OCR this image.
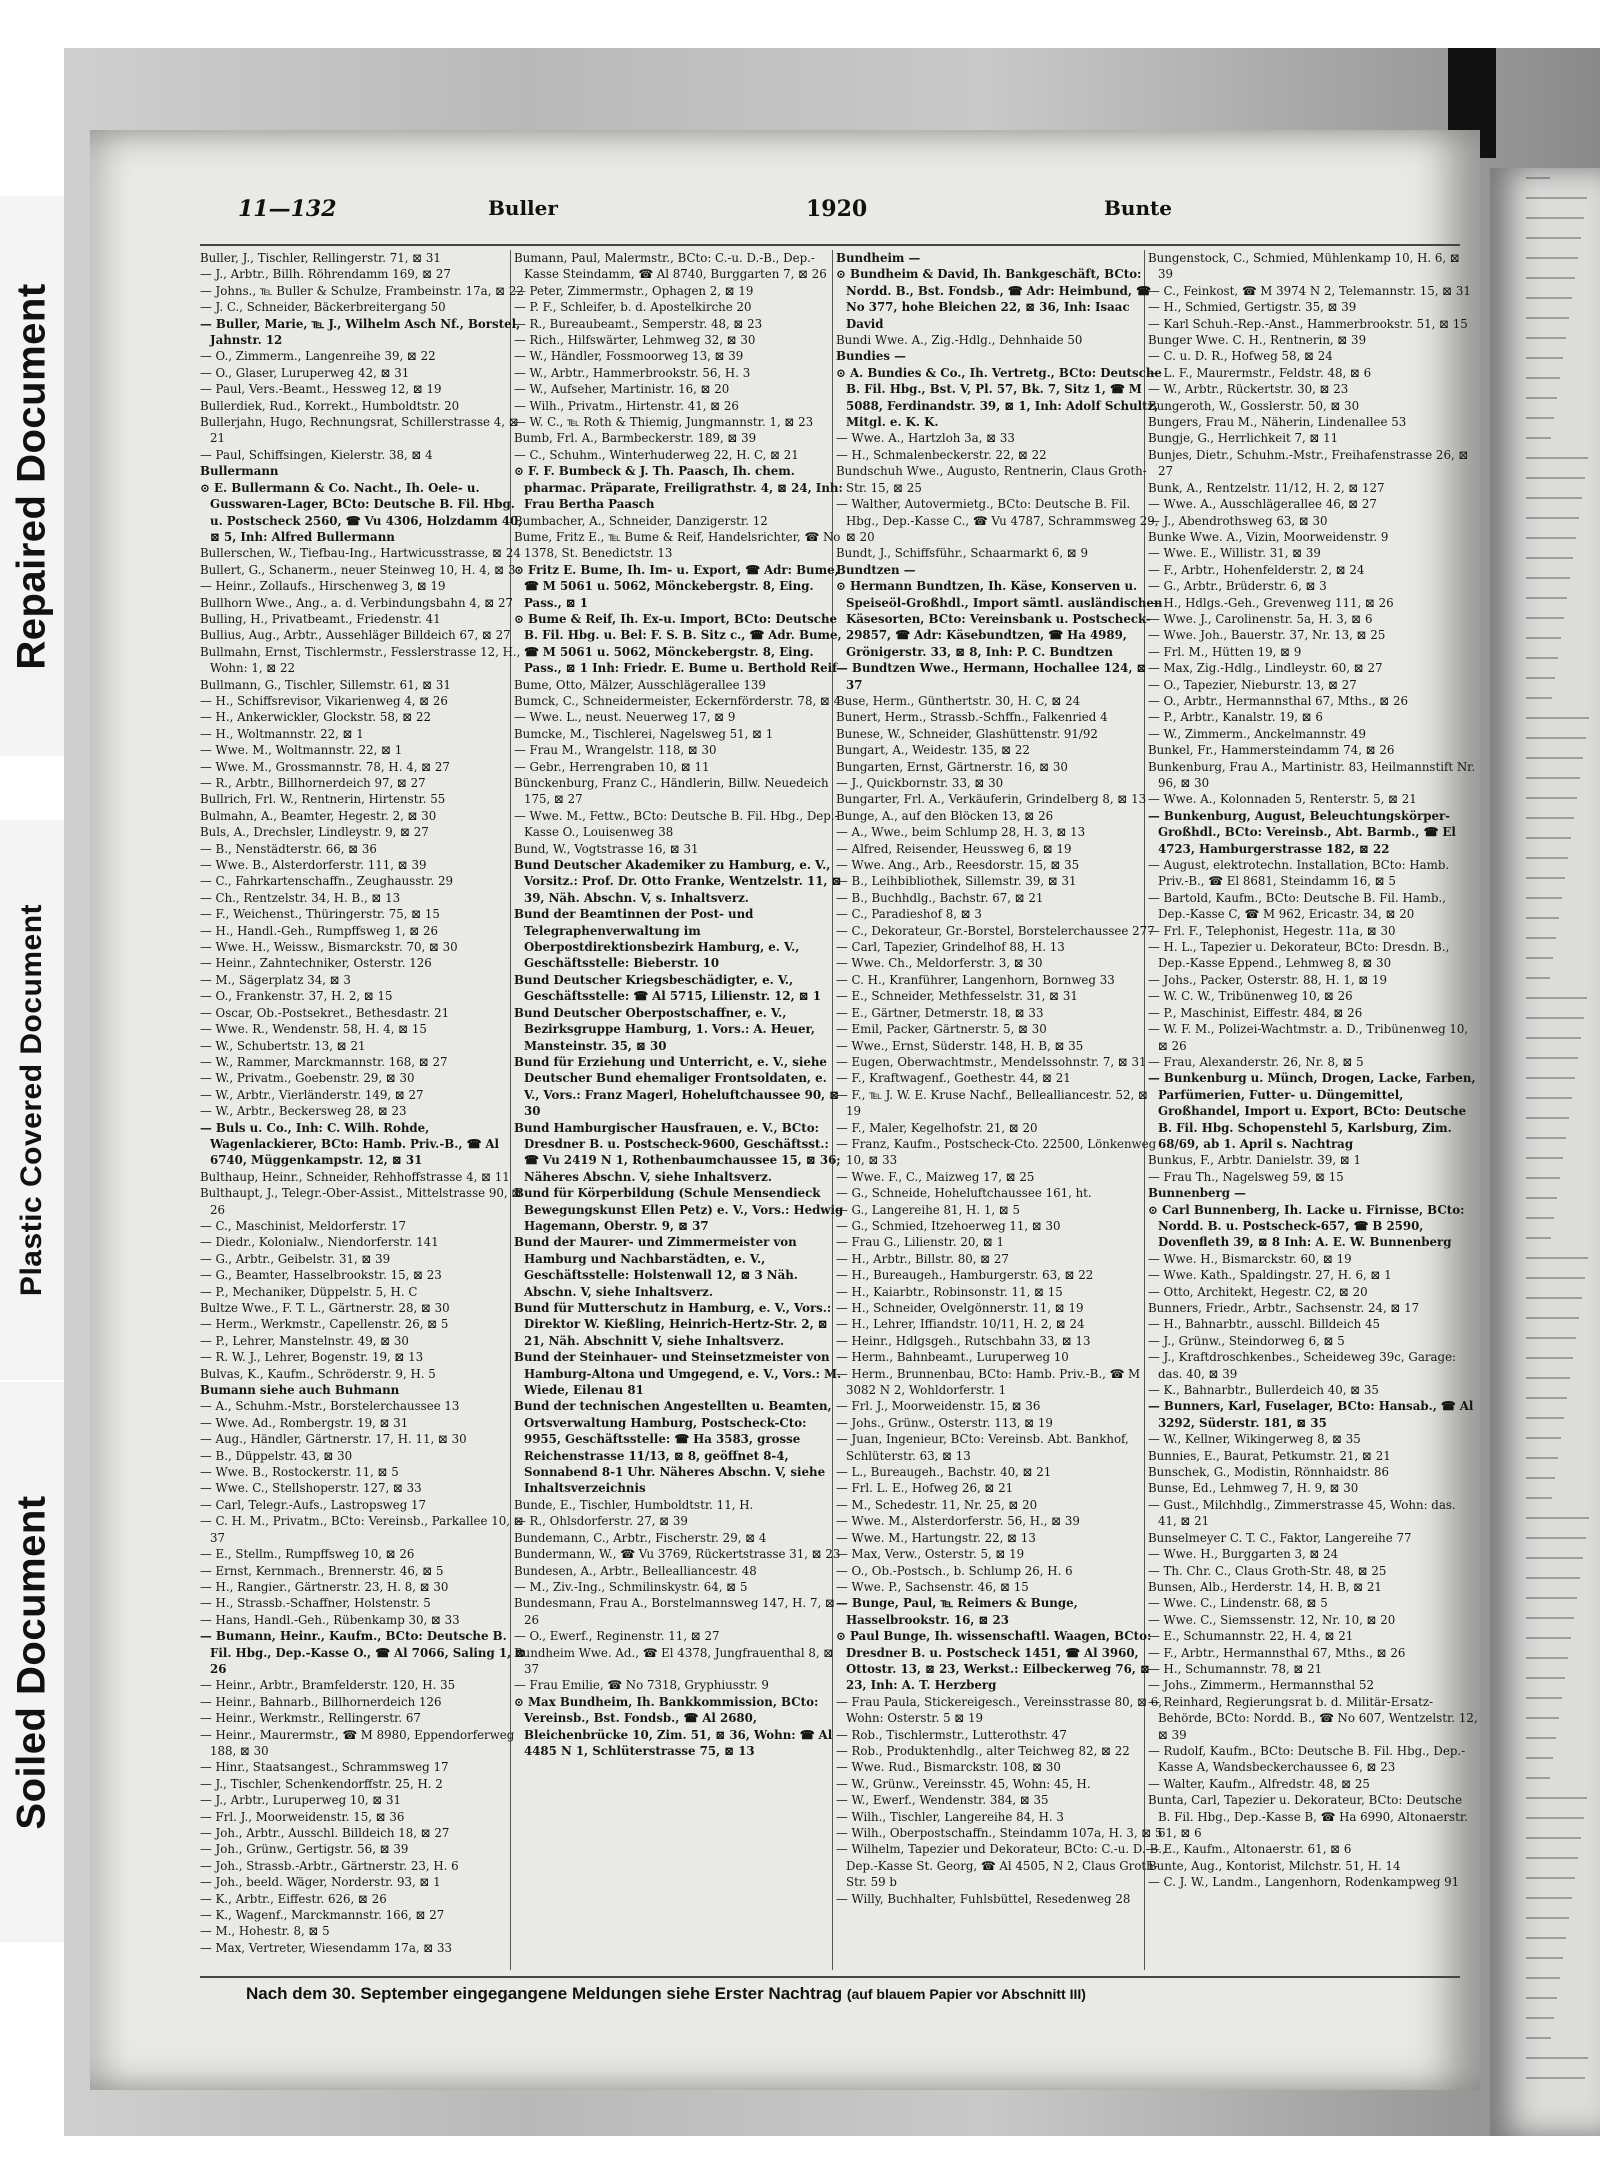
Repaired Document
Plastic Covered Document
Soiled Document
11—132	Buller	1920	Bunte

Buller, J., Tischler, Rellingerstr. 71, ⊠ 31

— J., Arbtr., Billh. Röhrendamm 169, ⊠ 27

— Johns., ℡ Buller & Schulze, Frambeinstr. 17a, ⊠ 22

— J. C., Schneider, Bäckerbreitergang 50

— Buller, Marie, ℡ J., Wilhelm Asch Nf., Borstel, Jahnstr. 12

— O., Zimmerm., Langenreihe 39, ⊠ 22

— O., Glaser, Luruperweg 42, ⊠ 31

— Paul, Vers.-Beamt., Hessweg 12, ⊠ 19

Bullerdiek, Rud., Korrekt., Humboldtstr. 20

Bullerjahn, Hugo, Rechnungsrat, Schillerstrasse 4, ⊠ 21

— Paul, Schiffsingen, Kielerstr. 38, ⊠ 4

Bullermann

⊙ E. Bullermann & Co. Nacht., Ih. Oele- u. Gusswaren-Lager, BCto: Deutsche B. Fil. Hbg. u. Postscheck 2560, ☎ Vu 4306, Holzdamm 40, ⊠ 5, Inh: Alfred Bullermann

Bullerschen, W., Tiefbau-Ing., Hartwicusstrasse, ⊠ 24

Bullert, G., Schanerm., neuer Steinweg 10, H. 4, ⊠ 3

— Heinr., Zollaufs., Hirschenweg 3, ⊠ 19

Bullhorn Wwe., Ang., a. d. Verbindungsbahn 4, ⊠ 27

Bulling, H., Privatbeamt., Friedenstr. 41

Bullius, Aug., Arbtr., Aussehläger Billdeich 67, ⊠ 27

Bullmahn, Ernst, Tischlermstr., Fesslerstrasse 12, H., Wohn: 1, ⊠ 22

Bullmann, G., Tischler, Sillemstr. 61, ⊠ 31

— H., Schiffsrevisor, Vikarienweg 4, ⊠ 26

— H., Ankerwickler, Glockstr. 58, ⊠ 22

— H., Woltmannstr. 22, ⊠ 1

— Wwe. M., Woltmannstr. 22, ⊠ 1

— Wwe. M., Grossmannstr. 78, H. 4, ⊠ 27

— R., Arbtr., Billhornerdeich 97, ⊠ 27

Bullrich, Frl. W., Rentnerin, Hirtenstr. 55

Bulmahn, A., Beamter, Hegestr. 2, ⊠ 30

Buls, A., Drechsler, Lindleystr. 9, ⊠ 27

— B., Nenstädterstr. 66, ⊠ 36

— Wwe. B., Alsterdorferstr. 111, ⊠ 39

— C., Fahrkartenschaffn., Zeughausstr. 29

— Ch., Rentzelstr. 34, H. B., ⊠ 13

— F., Weichenst., Thüringerstr. 75, ⊠ 15

— H., Handl.-Geh., Rumpffsweg 1, ⊠ 26

— Wwe. H., Weissw., Bismarckstr. 70, ⊠ 30

— Heinr., Zahntechniker, Osterstr. 126

— M., Sägerplatz 34, ⊠ 3

— O., Frankenstr. 37, H. 2, ⊠ 15

— Oscar, Ob.-Postsekret., Bethesdastr. 21

— Wwe. R., Wendenstr. 58, H. 4, ⊠ 15

— W., Schubertstr. 13, ⊠ 21

— W., Rammer, Marckmannstr. 168, ⊠ 27

— W., Privatm., Goebenstr. 29, ⊠ 30

— W., Arbtr., Vierländerstr. 149, ⊠ 27

— W., Arbtr., Beckersweg 28, ⊠ 23

— Buls u. Co., Inh: C. Wilh. Rohde, Wagenlackierer, BCto: Hamb. Priv.-B., ☎ Al 6740, Müggenkampstr. 12, ⊠ 31

Bulthaup, Heinr., Schneider, Rehhoffstrasse 4, ⊠ 11

Bulthaupt, J., Telegr.-Ober-Assist., Mittelstrasse 90, ⊠ 26

— C., Maschinist, Meldorferstr. 17

— Diedr., Kolonialw., Niendorferstr. 141

— G., Arbtr., Geibelstr. 31, ⊠ 39

— G., Beamter, Hasselbrookstr. 15, ⊠ 23

— P., Mechaniker, Düppelstr. 5, H. C

Bultze Wwe., F. T. L., Gärtnerstr. 28, ⊠ 30

— Herm., Werkmstr., Capellenstr. 26, ⊠ 5

— P., Lehrer, Manstelnstr. 49, ⊠ 30

— R. W. J., Lehrer, Bogenstr. 19, ⊠ 13

Bulvas, K., Kaufm., Schröderstr. 9, H. 5

Bumann siehe auch Buhmann

— A., Schuhm.-Mstr., Borstelerchaussee 13

— Wwe. Ad., Rombergstr. 19, ⊠ 31

— Aug., Händler, Gärtnerstr. 17, H. 11, ⊠ 30

— B., Düppelstr. 43, ⊠ 30

— Wwe. B., Rostockerstr. 11, ⊠ 5

— Wwe. C., Stellshoperstr. 127, ⊠ 33

— Carl, Telegr.-Aufs., Lastropsweg 17

— C. H. M., Privatm., BCto: Vereinsb., Parkallee 10, ⊠ 37

— E., Stellm., Rumpffsweg 10, ⊠ 26

— Ernst, Kernmach., Brennerstr. 46, ⊠ 5

— H., Rangier., Gärtnerstr. 23, H. 8, ⊠ 30

— H., Strassb.-Schaffner, Holstenstr. 5

— Hans, Handl.-Geh., Rübenkamp 30, ⊠ 33

— Bumann, Heinr., Kaufm., BCto: Deutsche B. Fil. Hbg., Dep.-Kasse O., ☎ Al 7066, Saling 1, ⊠ 26

— Heinr., Arbtr., Bramfelderstr. 120, H. 35

— Heinr., Bahnarb., Billhornerdeich 126

— Heinr., Werkmstr., Rellingerstr. 67

— Heinr., Maurermstr., ☎ M 8980, Eppendorferweg 188, ⊠ 30

— Hinr., Staatsangest., Schrammsweg 17

— J., Tischler, Schenkendorffstr. 25, H. 2

— J., Arbtr., Luruperweg 10, ⊠ 31

— Frl. J., Moorweidenstr. 15, ⊠ 36

— Joh., Arbtr., Ausschl. Billdeich 18, ⊠ 27

— Joh., Grünw., Gertigstr. 56, ⊠ 39

— Joh., Strassb.-Arbtr., Gärtnerstr. 23, H. 6

— Joh., beeld. Wäger, Norderstr. 93, ⊠ 1

— K., Arbtr., Eiffestr. 626, ⊠ 26

— K., Wagenf., Marckmannstr. 166, ⊠ 27

— M., Hohestr. 8, ⊠ 5

— Max, Vertreter, Wiesendamm 17a, ⊠ 33

Bumann, Paul, Malermstr., BCto: C.-u. D.-B., Dep.-Kasse Steindamm, ☎ Al 8740, Burggarten 7, ⊠ 26

— Peter, Zimmermstr., Ophagen 2, ⊠ 19

— P. F., Schleifer, b. d. Apostelkirche 20

— R., Bureaubeamt., Semperstr. 48, ⊠ 23

— Rich., Hilfswärter, Lehmweg 32, ⊠ 30

— W., Händler, Fossmoorweg 13, ⊠ 39

— W., Arbtr., Hammerbrookstr. 56, H. 3

— W., Aufseher, Martinistr. 16, ⊠ 20

— Wilh., Privatm., Hirtenstr. 41, ⊠ 26

— W. C., ℡ Roth & Thiemig, Jungmannstr. 1, ⊠ 23

Bumb, Frl. A., Barmbeckerstr. 189, ⊠ 39

— C., Schuhm., Winterhuderweg 22, H. C, ⊠ 21

⊙ F. F. Bumbeck & J. Th. Paasch, Ih. chem. pharmac. Präparate, Freiligrathstr. 4, ⊠ 24, Inh: Frau Bertha Paasch

Bumbacher, A., Schneider, Danzigerstr. 12

Bume, Fritz E., ℡ Bume & Reif, Handelsrichter, ☎ No 1378, St. Benedictstr. 13

⊙ Fritz E. Bume, Ih. Im- u. Export, ☎ Adr: Bume, ☎ M 5061 u. 5062, Mönckebergstr. 8, Eing. Pass., ⊠ 1

⊙ Bume & Reif, Ih. Ex-u. Import, BCto: Deutsche B. Fil. Hbg. u. Bel: F. S. B. Sitz c., ☎ Adr. Bume, ☎ M 5061 u. 5062, Mönckebergstr. 8, Eing. Pass., ⊠ 1 Inh: Friedr. E. Bume u. Berthold Reif

Bume, Otto, Mälzer, Ausschlägerallee 139

Bumck, C., Schneidermeister, Eckernförderstr. 78, ⊠ 4

— Wwe. L., neust. Neuerweg 17, ⊠ 9

Bumcke, M., Tischlerei, Nagelsweg 51, ⊠ 1

— Frau M., Wrangelstr. 118, ⊠ 30

— Gebr., Herrengraben 10, ⊠ 11

Bünckenburg, Franz C., Händlerin, Billw. Neuedeich 175, ⊠ 27

— Wwe. M., Fettw., BCto: Deutsche B. Fil. Hbg., Dep.-Kasse O., Louisenweg 38

Bund, W., Vogtstrasse 16, ⊠ 31

Bund Deutscher Akademiker zu Hamburg, e. V., Vorsitz.: Prof. Dr. Otto Franke, Wentzelstr. 11, ⊠ 39, Näh. Abschn. V, s. Inhaltsverz.

Bund der Beamtinnen der Post- und Telegraphenverwaltung im Oberpostdirektionsbezirk Hamburg, e. V., Geschäftsstelle: Bieberstr. 10

Bund Deutscher Kriegsbeschädigter, e. V., Geschäftsstelle: ☎ Al 5715, Lilienstr. 12, ⊠ 1

Bund Deutscher Oberpostschaffner, e. V., Bezirksgruppe Hamburg, 1. Vors.: A. Heuer, Mansteinstr. 35, ⊠ 30

Bund für Erziehung und Unterricht, e. V., siehe Deutscher Bund ehemaliger Frontsoldaten, e. V., Vors.: Franz Magerl, Hoheluftchaussee 90, ⊠ 30

Bund Hamburgischer Hausfrauen, e. V., BCto: Dresdner B. u. Postscheck-9600, Geschäftsst.: ☎ Vu 2419 N 1, Rothenbaumchaussee 15, ⊠ 36; Näheres Abschn. V, siehe Inhaltsverz.

Bund für Körperbildung (Schule Mensendieck Bewegungskunst Ellen Petz) e. V., Vors.: Hedwig Hagemann, Oberstr. 9, ⊠ 37

Bund der Maurer- und Zimmermeister von Hamburg und Nachbarstädten, e. V., Geschäftsstelle: Holstenwall 12, ⊠ 3 Näh. Abschn. V, siehe Inhaltsverz.

Bund für Mutterschutz in Hamburg, e. V., Vors.: Direktor W. Kießling, Heinrich-Hertz-Str. 2, ⊠ 21, Näh. Abschnitt V, siehe Inhaltsverz.

Bund der Steinhauer- und Steinsetzmeister von Hamburg-Altona und Umgegend, e. V., Vors.: M. Wiede, Eilenau 81

Bund der technischen Angestellten u. Beamten, Ortsverwaltung Hamburg, Postscheck-Cto: 9955, Geschäftsstelle: ☎ Ha 3583, grosse Reichenstrasse 11/13, ⊠ 8, geöffnet 8-4, Sonnabend 8-1 Uhr. Näheres Abschn. V, siehe Inhaltsverzeichnis

Bunde, E., Tischler, Humboldtstr. 11, H.

— R., Ohlsdorferstr. 27, ⊠ 39

Bundemann, C., Arbtr., Fischerstr. 29, ⊠ 4

Bundermann, W., ☎ Vu 3769, Rückertstrasse 31, ⊠ 23

Bundesen, A., Arbtr., Bellealliancestr. 48

— M., Ziv.-Ing., Schmilinskystr. 64, ⊠ 5

Bundesmann, Frau A., Borstelmannsweg 147, H. 7, ⊠ 26

— O., Ewerf., Reginenstr. 11, ⊠ 27

Bundheim Wwe. Ad., ☎ El 4378, Jungfrauenthal 8, ⊠ 37

— Frau Emilie, ☎ No 7318, Gryphiusstr. 9

⊙ Max Bundheim, Ih. Bankkommission, BCto: Vereinsb., Bst. Fondsb., ☎ Al 2680, Bleichenbrücke 10, Zim. 51, ⊠ 36, Wohn: ☎ Al 4485 N 1, Schlüterstrasse 75, ⊠ 13

Bundheim —

⊙ Bundheim & David, Ih. Bankgeschäft, BCto: Nordd. B., Bst. Fondsb., ☎ Adr: Heimbund, ☎ No 377, hohe Bleichen 22, ⊠ 36, Inh: Isaac David

Bundi Wwe. A., Zig.-Hdlg., Dehnhaide 50

Bundies —

⊙ A. Bundies & Co., Ih. Vertretg., BCto: Deutsche B. Fil. Hbg., Bst. V, Pl. 57, Bk. 7, Sitz 1, ☎ M 5088, Ferdinandstr. 39, ⊠ 1, Inh: Adolf Schultz, Mitgl. e. K. K.

— Wwe. A., Hartzloh 3a, ⊠ 33

— H., Schmalenbeckerstr. 22, ⊠ 22

Bundschuh Wwe., Augusto, Rentnerin, Claus Groth-Str. 15, ⊠ 25

— Walther, Autovermietg., BCto: Deutsche B. Fil. Hbg., Dep.-Kasse C., ☎ Vu 4787, Schrammsweg 29, ⊠ 20

Bundt, J., Schiffsführ., Schaarmarkt 6, ⊠ 9

Bundtzen —

⊙ Hermann Bundtzen, Ih. Käse, Konserven u. Speiseöl-Großhdl., Import sämtl. ausländischen Käsesorten, BCto: Vereinsbank u. Postscheck-29857, ☎ Adr: Käsebundtzen, ☎ Ha 4989, Grönigerstr. 33, ⊠ 8, Inh: P. C. Bundtzen

— Bundtzen Wwe., Hermann, Hochallee 124, ⊠ 37

Buse, Herm., Günthertstr. 30, H. C, ⊠ 24

Bunert, Herm., Strassb.-Schffn., Falkenried 4

Bunese, W., Schneider, Glashüttenstr. 91/92

Bungart, A., Weidestr. 135, ⊠ 22

Bungarten, Ernst, Gärtnerstr. 16, ⊠ 30

— J., Quickbornstr. 33, ⊠ 30

Bungarter, Frl. A., Verkäuferin, Grindelberg 8, ⊠ 13

Bunge, A., auf den Blöcken 13, ⊠ 26

— A., Wwe., beim Schlump 28, H. 3, ⊠ 13

— Alfred, Reisender, Heussweg 6, ⊠ 19

— Wwe. Ang., Arb., Reesdorstr. 15, ⊠ 35

— B., Leihbibliothek, Sillemstr. 39, ⊠ 31

— B., Buchhdlg., Bachstr. 67, ⊠ 21

— C., Paradieshof 8, ⊠ 3

— C., Dekorateur, Gr.-Borstel, Borstelerchaussee 277

— Carl, Tapezier, Grindelhof 88, H. 13

— Wwe. Ch., Meldorferstr. 3, ⊠ 30

— C. H., Kranführer, Langenhorn, Bornweg 33

— E., Schneider, Methfesselstr. 31, ⊠ 31

— E., Gärtner, Detmerstr. 18, ⊠ 33

— Emil, Packer, Gärtnerstr. 5, ⊠ 30

— Wwe., Ernst, Süderstr. 148, H. B, ⊠ 35

— Eugen, Oberwachtmstr., Mendelssohnstr. 7, ⊠ 31

— F., Kraftwagenf., Goethestr. 44, ⊠ 21

— F., ℡ J. W. E. Kruse Nachf., Bellealliancestr. 52, ⊠ 19

— F., Maler, Kegelhofstr. 21, ⊠ 20

— Franz, Kaufm., Postscheck-Cto. 22500, Lönkenweg 10, ⊠ 33

— Wwe. F., C., Maizweg 17, ⊠ 25

— G., Schneide, Hoheluftchaussee 161, ht.

— G., Langereihe 81, H. 1, ⊠ 5

— G., Schmied, Itzehoerweg 11, ⊠ 30

— Frau G., Lilienstr. 20, ⊠ 1

— H., Arbtr., Billstr. 80, ⊠ 27

— H., Bureaugeh., Hamburgerstr. 63, ⊠ 22

— H., Kaiarbtr., Robinsonstr. 11, ⊠ 15

— H., Schneider, Ovelgönnerstr. 11, ⊠ 19

— H., Lehrer, Iffiandstr. 10/11, H. 2, ⊠ 24

— Heinr., Hdlgsgeh., Rutschbahn 33, ⊠ 13

— Herm., Bahnbeamt., Luruperweg 10

— Herm., Brunnenbau, BCto: Hamb. Priv.-B., ☎ M 3082 N 2, Wohldorferstr. 1

— Frl. J., Moorweidenstr. 15, ⊠ 36

— Johs., Grünw., Osterstr. 113, ⊠ 19

— Juan, Ingenieur, BCto: Vereinsb. Abt. Bankhof, Schlüterstr. 63, ⊠ 13

— L., Bureaugeh., Bachstr. 40, ⊠ 21

— Frl. L. E., Hofweg 26, ⊠ 21

— M., Schedestr. 11, Nr. 25, ⊠ 20

— Wwe. M., Alsterdorferstr. 56, H., ⊠ 39

— Wwe. M., Hartungstr. 22, ⊠ 13

— Max, Verw., Osterstr. 5, ⊠ 19

— O., Ob.-Postsch., b. Schlump 26, H. 6

— Wwe. P., Sachsenstr. 46, ⊠ 15

— Bunge, Paul, ℡ Reimers & Bunge, Hasselbrookstr. 16, ⊠ 23

⊙ Paul Bunge, Ih. wissenschaftl. Waagen, BCto: Dresdner B. u. Postscheck 1451, ☎ Al 3960, Ottostr. 13, ⊠ 23, Werkst.: Eilbeckerweg 76, ⊠ 23, Inh: A. T. Herzberg

— Frau Paula, Stickereigesch., Vereinsstrasse 80, ⊠ 6, Wohn: Osterstr. 5 ⊠ 19

— Rob., Tischlermstr., Lutterothstr. 47

— Rob., Produktenhdlg., alter Teichweg 82, ⊠ 22

— Wwe. Rud., Bismarckstr. 108, ⊠ 30

— W., Grünw., Vereinsstr. 45, Wohn: 45, H.

— W., Ewerf., Wendenstr. 384, ⊠ 35

— Wilh., Tischler, Langereihe 84, H. 3

— Wilh., Oberpostschaffn., Steindamm 107a, H. 3, ⊠ 5

— Wilhelm, Tapezier und Dekorateur, BCto: C.-u. D.-B., Dep.-Kasse St. Georg, ☎ Al 4505, N 2, Claus Groth-Str. 59 b

— Willy, Buchhalter, Fuhlsbüttel, Resedenweg 28

Bungenstock, C., Schmied, Mühlenkamp 10, H. 6, ⊠ 39

— C., Feinkost, ☎ M 3974 N 2, Telemannstr. 15, ⊠ 31

— H., Schmied, Gertigstr. 35, ⊠ 39

— Karl Schuh.-Rep.-Anst., Hammerbrookstr. 51, ⊠ 15

Bunger Wwe. C. H., Rentnerin, ⊠ 39

— C. u. D. R., Hofweg 58, ⊠ 24

— L. F., Maurermstr., Feldstr. 48, ⊠ 6

— W., Arbtr., Rückertstr. 30, ⊠ 23

Bungeroth, W., Gosslerstr. 50, ⊠ 30

Bungers, Frau M., Näherin, Lindenallee 53

Bungje, G., Herrlichkeit 7, ⊠ 11

Bunjes, Dietr., Schuhm.-Mstr., Freihafenstrasse 26, ⊠ 27

Bunk, A., Rentzelstr. 11/12, H. 2, ⊠ 127

— Wwe. A., Ausschlägerallee 46, ⊠ 27

— J., Abendrothsweg 63, ⊠ 30

Bunke Wwe. A., Vizin, Moorweidenstr. 9

— Wwe. E., Willistr. 31, ⊠ 39

— F., Arbtr., Hohenfelderstr. 2, ⊠ 24

— G., Arbtr., Brüderstr. 6, ⊠ 3

— H., Hdlgs.-Geh., Grevenweg 111, ⊠ 26

— Wwe. J., Carolinenstr. 5a, H. 3, ⊠ 6

— Wwe. Joh., Bauerstr. 37, Nr. 13, ⊠ 25

— Frl. M., Hütten 19, ⊠ 9

— Max, Zig.-Hdlg., Lindleystr. 60, ⊠ 27

— O., Tapezier, Nieburstr. 13, ⊠ 27

— O., Arbtr., Hermannsthal 67, Mths., ⊠ 26

— P., Arbtr., Kanalstr. 19, ⊠ 6

— W., Zimmerm., Anckelmannstr. 49

Bunkel, Fr., Hammersteindamm 74, ⊠ 26

Bunkenburg, Frau A., Martinistr. 83, Heilmannstift Nr. 96, ⊠ 30

— Wwe. A., Kolonnaden 5, Renterstr. 5, ⊠ 21

— Bunkenburg, August, Beleuchtungskörper-Großhdl., BCto: Vereinsb., Abt. Barmb., ☎ El 4723, Hamburgerstrasse 182, ⊠ 22

— August, elektrotechn. Installation, BCto: Hamb. Priv.-B., ☎ El 8681, Steindamm 16, ⊠ 5

— Bartold, Kaufm., BCto: Deutsche B. Fil. Hamb., Dep.-Kasse C, ☎ M 962, Ericastr. 34, ⊠ 20

— Frl. F., Telephonist, Hegestr. 11a, ⊠ 30

— H. L., Tapezier u. Dekorateur, BCto: Dresdn. B., Dep.-Kasse Eppend., Lehmweg 8, ⊠ 30

— Johs., Packer, Osterstr. 88, H. 1, ⊠ 19

— W. C. W., Tribünenweg 10, ⊠ 26

— P., Maschinist, Eiffestr. 484, ⊠ 26

— W. F. M., Polizei-Wachtmstr. a. D., Tribünenweg 10, ⊠ 26

— Frau, Alexanderstr. 26, Nr. 8, ⊠ 5

— Bunkenburg u. Münch, Drogen, Lacke, Farben, Parfümerien, Futter- u. Düngemittel, Großhandel, Import u. Export, BCto: Deutsche B. Fil. Hbg. Schopenstehl 5, Karlsburg, Zim. 68/69, ab 1. April s. Nachtrag

Bunkus, F., Arbtr. Danielstr. 39, ⊠ 1

— Frau Th., Nagelsweg 59, ⊠ 15

Bunnenberg —

⊙ Carl Bunnenberg, Ih. Lacke u. Firnisse, BCto: Nordd. B. u. Postscheck-657, ☎ B 2590, Dovenfleth 39, ⊠ 8 Inh: A. E. W. Bunnenberg

— Wwe. H., Bismarckstr. 60, ⊠ 19

— Wwe. Kath., Spaldingstr. 27, H. 6, ⊠ 1

— Otto, Architekt, Hegestr. C2, ⊠ 20

Bunners, Friedr., Arbtr., Sachsenstr. 24, ⊠ 17

— H., Bahnarbtr., ausschl. Billdeich 45

— J., Grünw., Steindorweg 6, ⊠ 5

— J., Kraftdroschkenbes., Scheideweg 39c, Garage: das. 40, ⊠ 39

— K., Bahnarbtr., Bullerdeich 40, ⊠ 35

— Bunners, Karl, Fuselager, BCto: Hansab., ☎ Al 3292, Süderstr. 181, ⊠ 35

— W., Kellner, Wikingerweg 8, ⊠ 35

Bunnies, E., Baurat, Petkumstr. 21, ⊠ 21

Bunschek, G., Modistin, Rönnhaidstr. 86

Bunse, Ed., Lehmweg 7, H. 9, ⊠ 30

— Gust., Milchhdlg., Zimmerstrasse 45, Wohn: das. 41, ⊠ 21

Bunselmeyer C. T. C., Faktor, Langereihe 77

— Wwe. H., Burggarten 3, ⊠ 24

— Th. Chr. C., Claus Groth-Str. 48, ⊠ 25

Bunsen, Alb., Herderstr. 14, H. B, ⊠ 21

— Wwe. C., Lindenstr. 68, ⊠ 5

— Wwe. C., Siemssenstr. 12, Nr. 10, ⊠ 20

— E., Schumannstr. 22, H. 4, ⊠ 21

— F., Arbtr., Hermannsthal 67, Mths., ⊠ 26

— H., Schumannstr. 78, ⊠ 21

— Johs., Zimmerm., Hermannsthal 52

— Reinhard, Regierungsrat b. d. Militär-Ersatz-Behörde, BCto: Nordd. B., ☎ No 607, Wentzelstr. 12, ⊠ 39

— Rudolf, Kaufm., BCto: Deutsche B. Fil. Hbg., Dep.-Kasse A, Wandsbeckerchaussee 6, ⊠ 23

— Walter, Kaufm., Alfredstr. 48, ⊠ 25

Bunta, Carl, Tapezier u. Dekorateur, BCto: Deutsche B. Fil. Hbg., Dep.-Kasse B, ☎ Ha 6990, Altonaerstr. 61, ⊠ 6

— E., Kaufm., Altonaerstr. 61, ⊠ 6

Bunte, Aug., Kontorist, Milchstr. 51, H. 14

— C. J. W., Landm., Langenhorn, Rodenkampweg 91

Nach dem 30. September eingegangene Meldungen siehe Erster Nachtrag (auf blauem Papier vor Abschnitt III)
